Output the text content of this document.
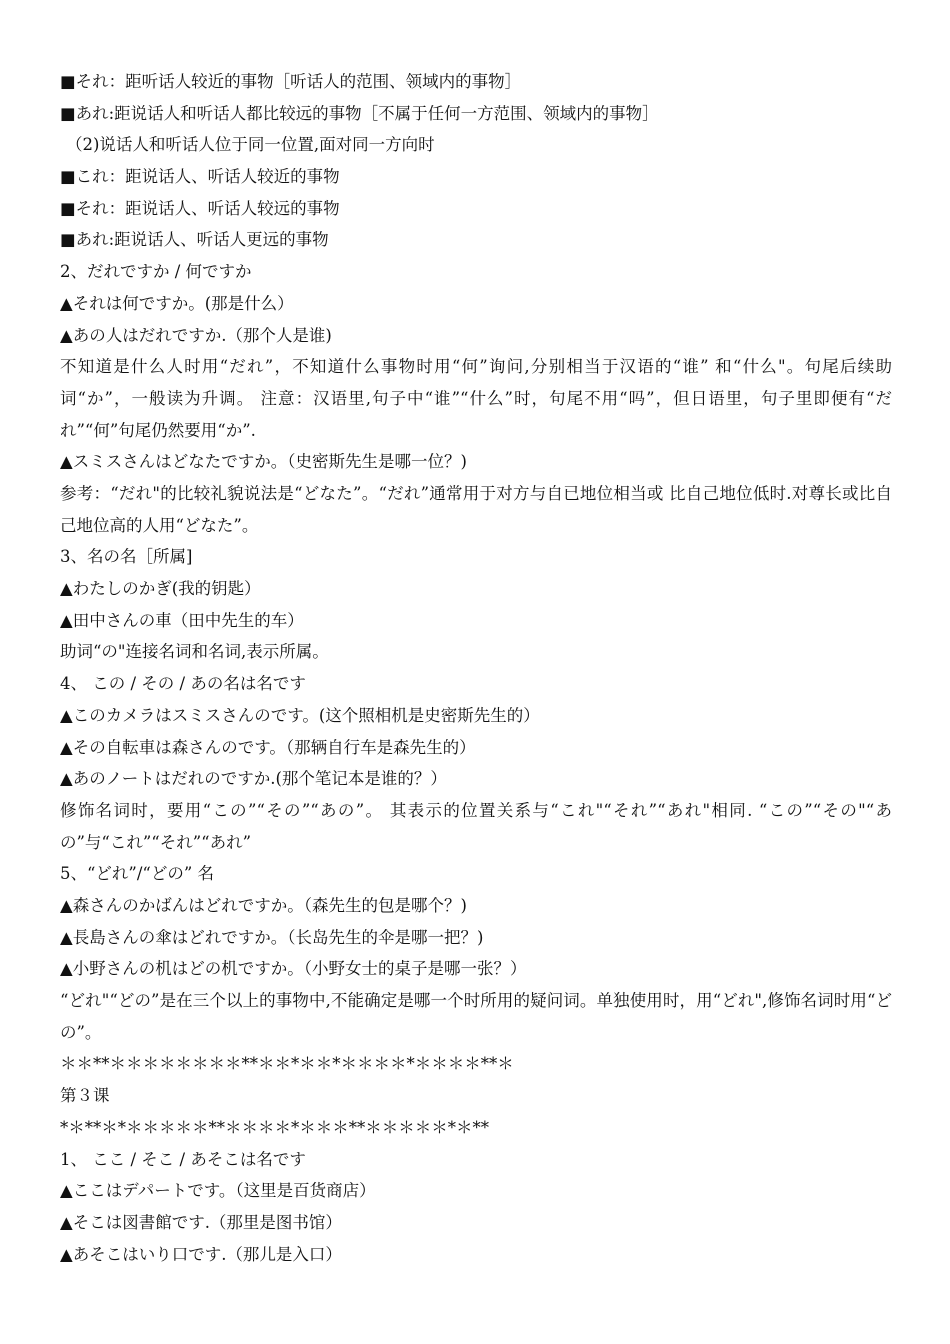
■それ：距听话人较近的事物［听话人的范围、领域内的事物］
■あれ:距说话人和听话人都比较远的事物［不属于任何一方范围、领域内的事物］
（2)说话人和听话人位于同一位置,面对同一方向时
■これ：距说话人、听话人较近的事物
■それ：距说话人、听话人较远的事物
■あれ:距说话人、听话人更远的事物
2、だれですか / 何ですか
▲それは何ですか。(那是什么）
▲あの人はだれですか.（那个人是谁)
不知道是什么人时用“だれ”，不知道什么事物时用“何”询问,分别相当于汉语的“谁” 和“什么"。句尾后续助词“か”，一般读为升调。 注意：汉语里,句子中“谁”“什么”时，句尾不用“吗”，但日语里，句子里即便有“だ れ”“何”句尾仍然要用“か”.
▲スミスさんはどなたですか。（史密斯先生是哪一位？)
参考：“だれ"的比较礼貌说法是“どなた”。“だれ”通常用于对方与自已地位相当或 比自己地位低时.对尊长或比自己地位高的人用“どなた”。
3、名の名［所属]
▲わたしのかぎ(我的钥匙）
▲田中さんの車（田中先生的车）
助词“の"连接名词和名词,表示所属。
4、 この / その / あの名は名です
▲このカメラはスミスさんのです。(这个照相机是史密斯先生的）
▲その自転車は森さんのです。（那辆自行车是森先生的）
▲あのノートはだれのですか.(那个笔记本是谁的？）
修饰名词时，要用“この”“その”“あの”。 其表示的位置关系与“これ"“それ”“あれ"相同. “この”“その"“あの”与“これ”“それ”“あれ”
5、“どれ”/“どの” 名
▲森さんのかばんはどれですか。（森先生的包是哪个？)
▲長島さんの傘はどれですか。（长岛先生的伞是哪一把？)
▲小野さんの机はどの机ですか。（小野女士的桌子是哪一张？）
“どれ"“どの”是在三个以上的事物中,不能确定是哪一个时所用的疑问词。单独使用时，用“どれ",修饰名词时用“どの”。
＊＊**＊＊＊＊＊＊＊＊**＊＊*＊＊*＊＊＊＊*＊＊＊＊**＊
第３课
*＊**＊*＊＊＊＊＊**＊＊＊＊*＊＊＊**＊＊＊＊＊*＊**
1、 ここ / そこ / あそこは名です
▲ここはデパートです。（这里是百货商店）
▲そこは図書館です.（那里是图书馆）
▲あそこはいり口です.（那儿是入口）
